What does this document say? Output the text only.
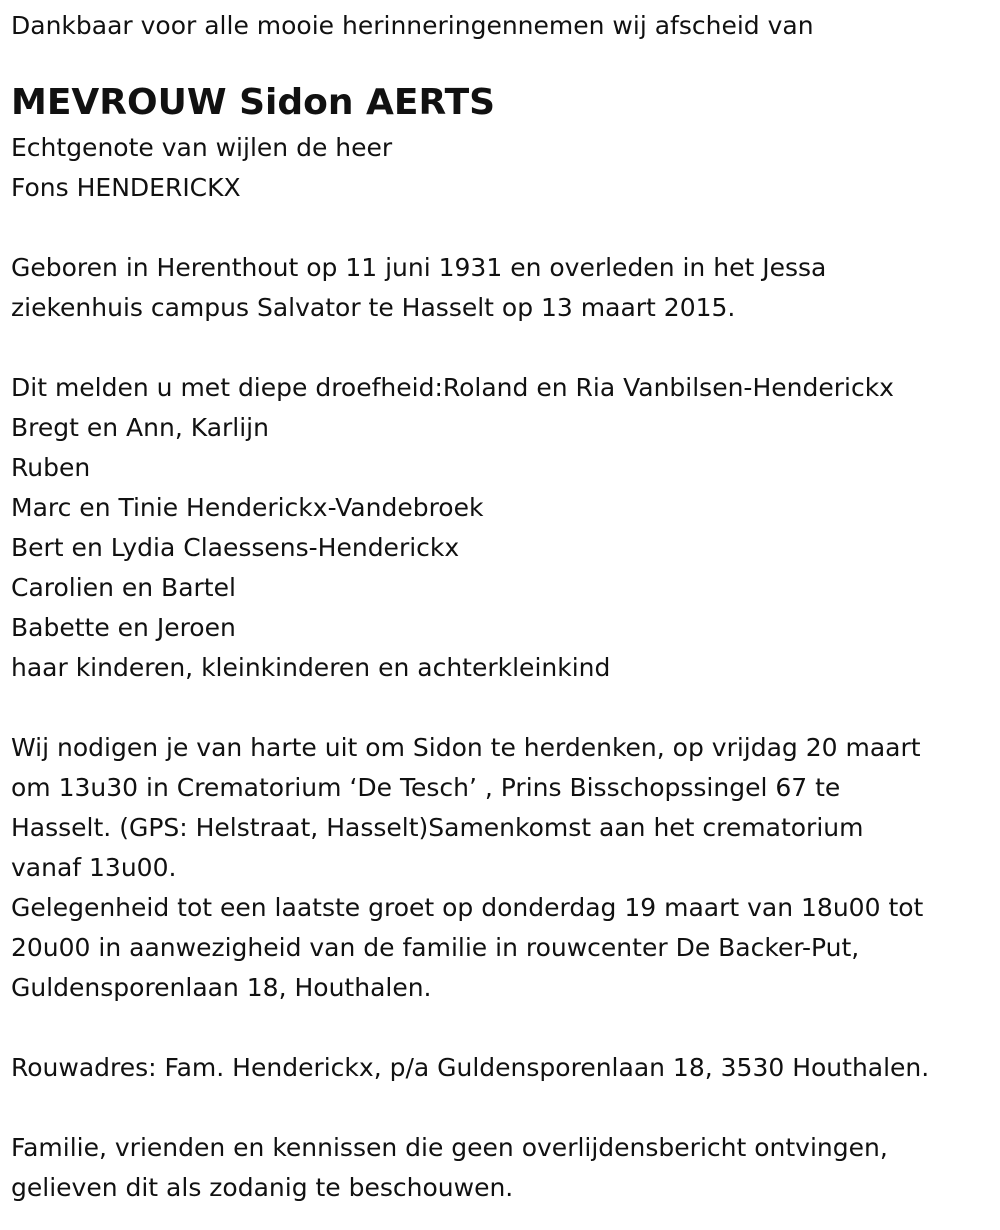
Dankbaar voor alle mooie herinneringennemen wij afscheid van

MEVROUW Sidon AERTS

Echtgenote van wijlen de heer

Fons HENDERICKX

Geboren in Herenthout op 11 juni 1931 en overleden in het Jessa

ziekenhuis campus Salvator te Hasselt op 13 maart 2015.

Dit melden u met diepe droefheid:Roland en Ria Vanbilsen-Henderickx

Bregt en Ann, Karlijn

Ruben

Marc en Tinie Henderickx-Vandebroek

Bert en Lydia Claessens-Henderickx

Carolien en Bartel

Babette en Jeroen

haar kinderen, kleinkinderen en achterkleinkind

Wij nodigen je van harte uit om Sidon te herdenken, op vrijdag 20 maart

om 13u30 in Crematorium ‘De Tesch’ , Prins Bisschopssingel 67 te

Hasselt. (GPS: Helstraat, Hasselt)Samenkomst aan het crematorium

vanaf 13u00.

Gelegenheid tot een laatste groet op donderdag 19 maart van 18u00 tot

20u00 in aanwezigheid van de familie in rouwcenter De Backer-Put,

Guldensporenlaan 18, Houthalen.

Rouwadres: Fam. Henderickx, p/a Guldensporenlaan 18, 3530 Houthalen.

Familie, vrienden en kennissen die geen overlijdensbericht ontvingen,

gelieven dit als zodanig te beschouwen.
